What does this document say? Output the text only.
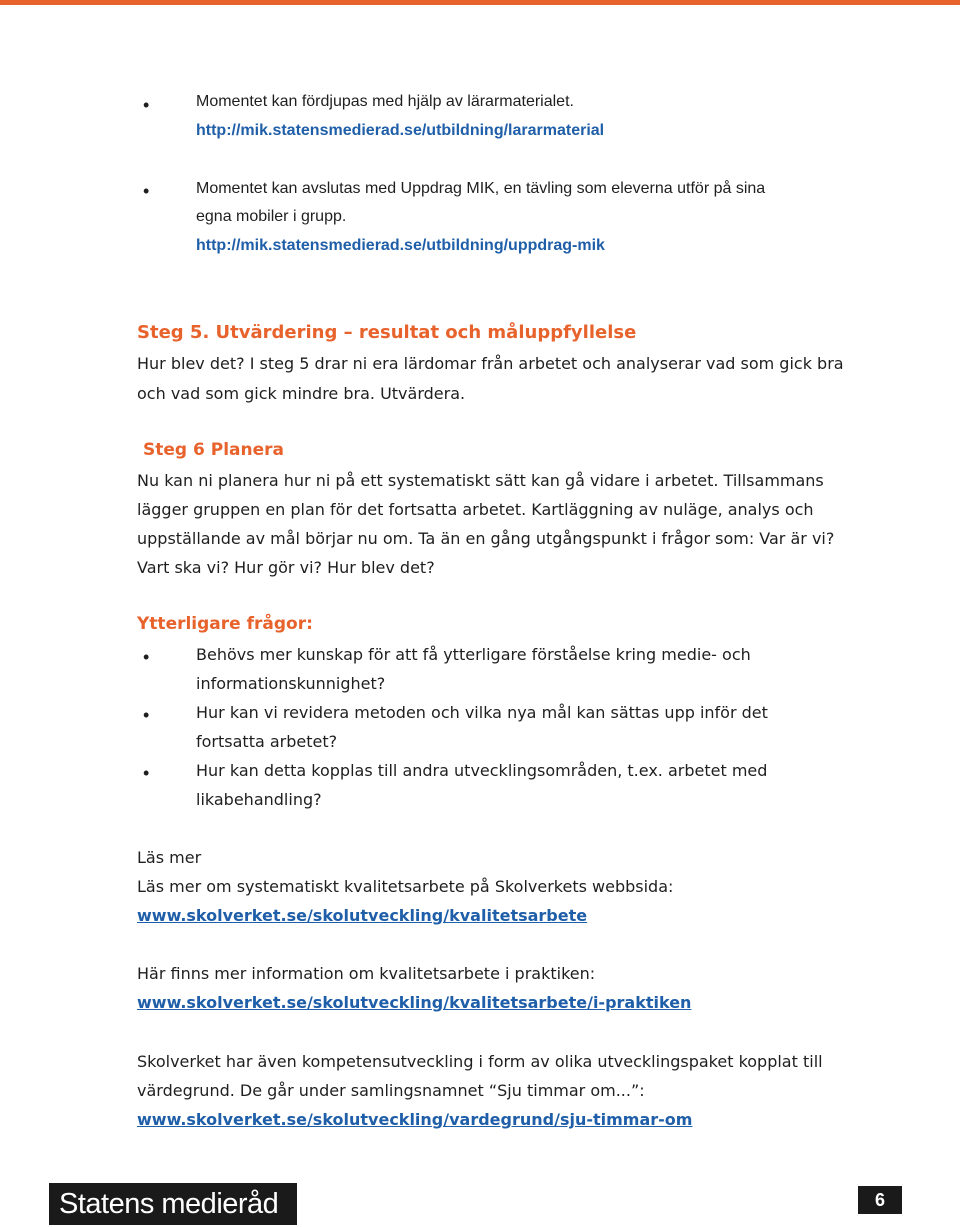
•	Momentet kan fördjupas med hjälp av lärarmaterialet.

http://mik.statensmedierad.se/utbildning/lararmaterial
•	Momentet kan avslutas med Uppdrag MIK, en tävling som eleverna utför på sina

egna mobiler i grupp.

http://mik.statensmedierad.se/utbildning/uppdrag-mik
Steg 5. Utvärdering – resultat och måluppfyllelse

Hur blev det? I steg 5 drar ni era lärdomar från arbetet och analyserar vad som gick bra

och vad som gick mindre bra. Utvärdera.

Steg 6 Planera

Nu kan ni planera hur ni på ett systematiskt sätt kan gå vidare i arbetet. Tillsammans

lägger gruppen en plan för det fortsatta arbetet. Kartläggning av nuläge, analys och

uppställande av mål börjar nu om. Ta än en gång utgångspunkt i frågor som: Var är vi?

Vart ska vi? Hur gör vi? Hur blev det?

Ytterligare frågor:
•	Behövs mer kunskap för att få ytterligare förståelse kring medie- och

informationskunnighet?

•	Hur kan vi revidera metoden och vilka nya mål kan sättas upp inför det

fortsatta arbetet?

•	Hur kan detta kopplas till andra utvecklingsområden, t.ex. arbetet med

likabehandling?

Läs mer

Läs mer om systematiskt kvalitetsarbete på Skolverkets webbsida:

www.skolverket.se/skolutveckling/kvalitetsarbete

Här finns mer information om kvalitetsarbete i praktiken:

www.skolverket.se/skolutveckling/kvalitetsarbete/i-praktiken

Skolverket har även kompetensutveckling i form av olika utvecklingspaket kopplat till

värdegrund. De går under samlingsnamnet “Sju timmar om...”:

www.skolverket.se/skolutveckling/vardegrund/sju-timmar-om
Statens medieråd	6
